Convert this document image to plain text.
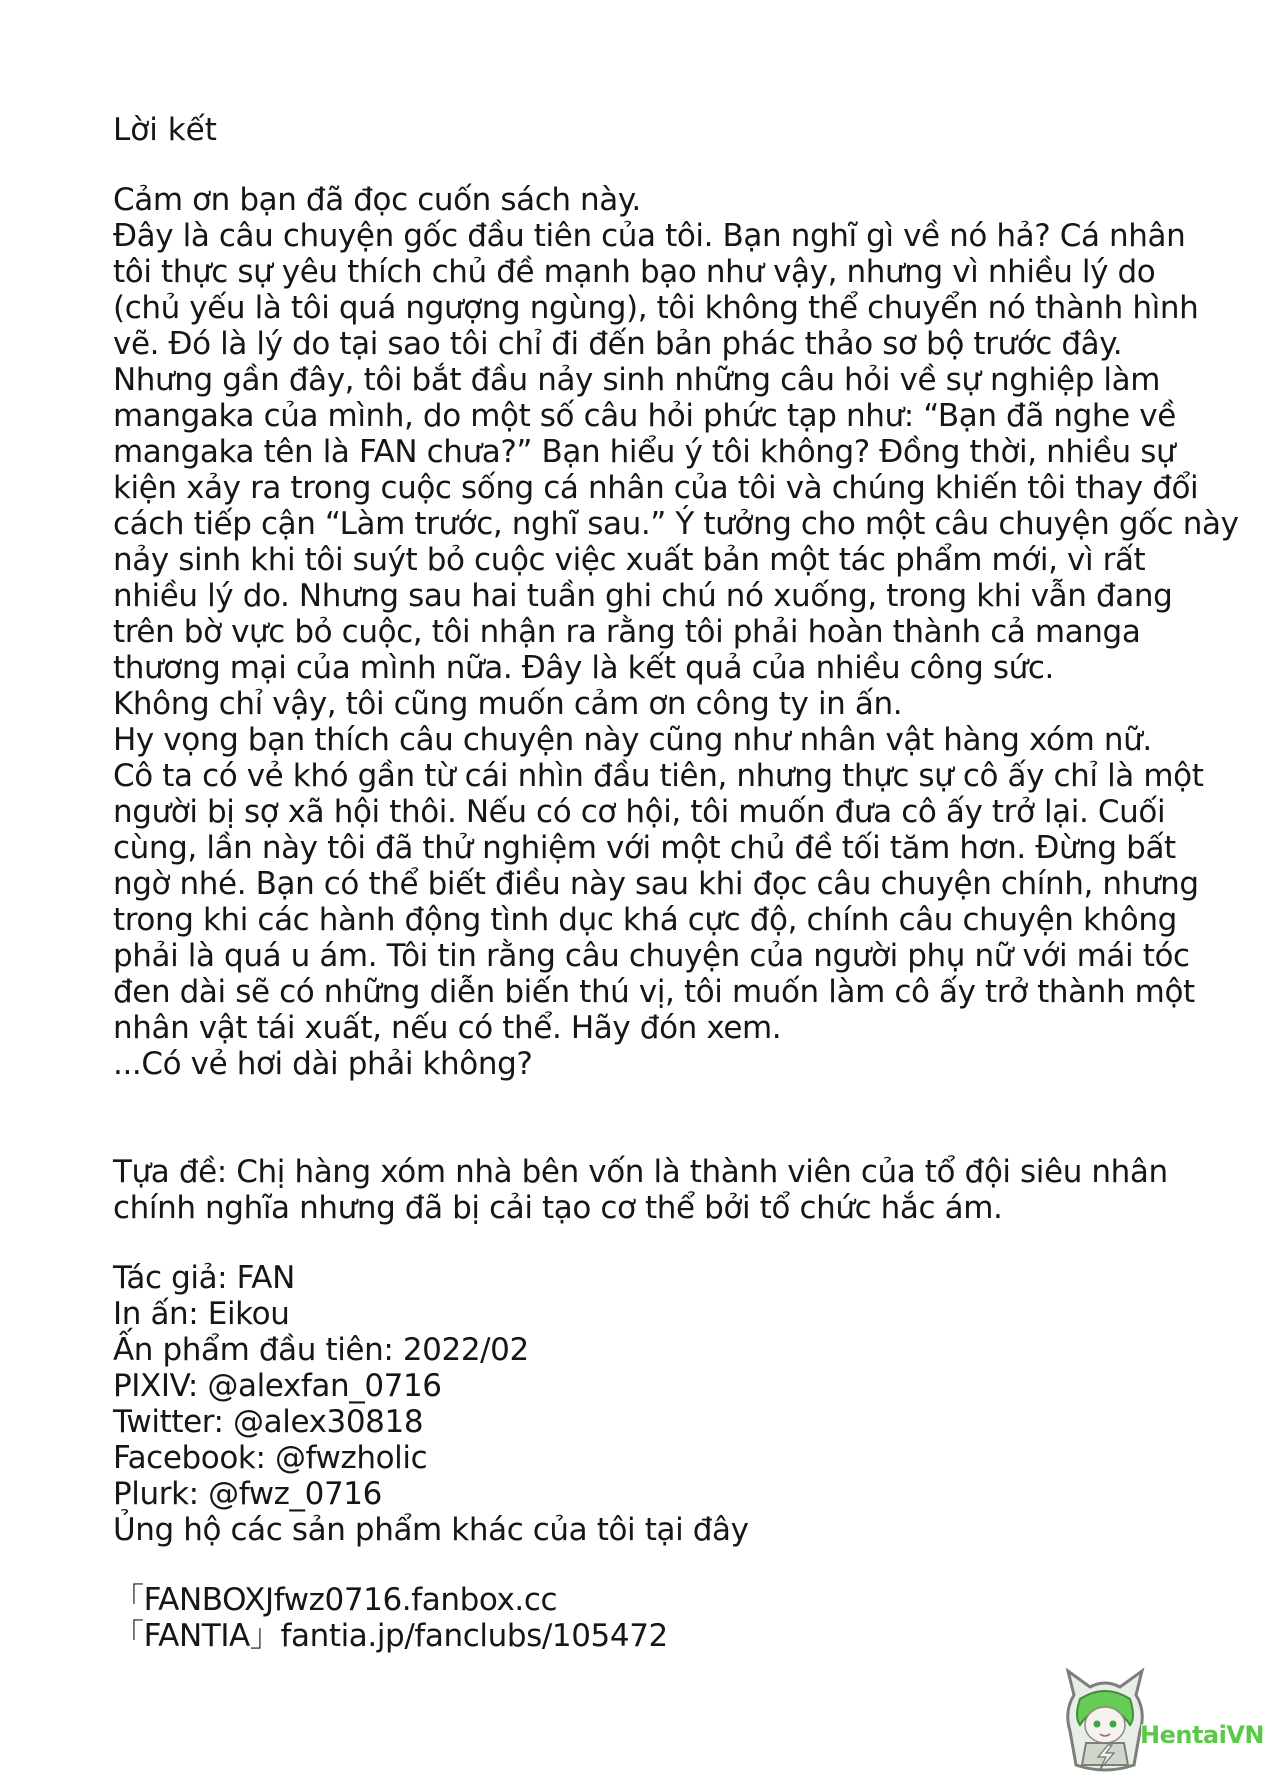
Lời kết
Cảm ơn bạn đã đọc cuốn sách này.
Đây là câu chuyện gốc đầu tiên của tôi. Bạn nghĩ gì về nó hả? Cá nhân
tôi thực sự yêu thích chủ đề mạnh bạo như vậy, nhưng vì nhiều lý do
(chủ yếu là tôi quá ngượng ngùng), tôi không thể chuyển nó thành hình
vẽ. Đó là lý do tại sao tôi chỉ đi đến bản phác thảo sơ bộ trước đây.
Nhưng gần đây, tôi bắt đầu nảy sinh những câu hỏi về sự nghiệp làm
mangaka của mình, do một số câu hỏi phức tạp như: “Bạn đã nghe về
mangaka tên là FAN chưa?” Bạn hiểu ý tôi không? Đồng thời, nhiều sự
kiện xảy ra trong cuộc sống cá nhân của tôi và chúng khiến tôi thay đổi
cách tiếp cận “Làm trước, nghĩ sau.” Ý tưởng cho một câu chuyện gốc này
nảy sinh khi tôi suýt bỏ cuộc việc xuất bản một tác phẩm mới, vì rất
nhiều lý do. Nhưng sau hai tuần ghi chú nó xuống, trong khi vẫn đang
trên bờ vực bỏ cuộc, tôi nhận ra rằng tôi phải hoàn thành cả manga
thương mại của mình nữa. Đây là kết quả của nhiều công sức.
Không chỉ vậy, tôi cũng muốn cảm ơn công ty in ấn.
Hy vọng bạn thích câu chuyện này cũng như nhân vật hàng xóm nữ.
Cô ta có vẻ khó gần từ cái nhìn đầu tiên, nhưng thực sự cô ấy chỉ là một
người bị sợ xã hội thôi. Nếu có cơ hội, tôi muốn đưa cô ấy trở lại. Cuối
cùng, lần này tôi đã thử nghiệm với một chủ đề tối tăm hơn. Đừng bất
ngờ nhé. Bạn có thể biết điều này sau khi đọc câu chuyện chính, nhưng
trong khi các hành động tình dục khá cực độ, chính câu chuyện không
phải là quá u ám. Tôi tin rằng câu chuyện của người phụ nữ với mái tóc
đen dài sẽ có những diễn biến thú vị, tôi muốn làm cô ấy trở thành một
nhân vật tái xuất, nếu có thể. Hãy đón xem.
...Có vẻ hơi dài phải không?
Tựa đề: Chị hàng xóm nhà bên vốn là thành viên của tổ đội siêu nhân
chính nghĩa nhưng đã bị cải tạo cơ thể bởi tổ chức hắc ám.
Tác giả: FAN
In ấn: Eikou
Ấn phẩm đầu tiên: 2022/02
PIXIV: @alexfan_0716
Twitter: @alex30818
Facebook: @fwzholic
Plurk: @fwz_0716
Ủng hộ các sản phẩm khác của tôi tại đây
「FANBOXJfwz0716.fanbox.cc
「FANTIA」fantia.jp/fanclubs/105472
HentaiVN
